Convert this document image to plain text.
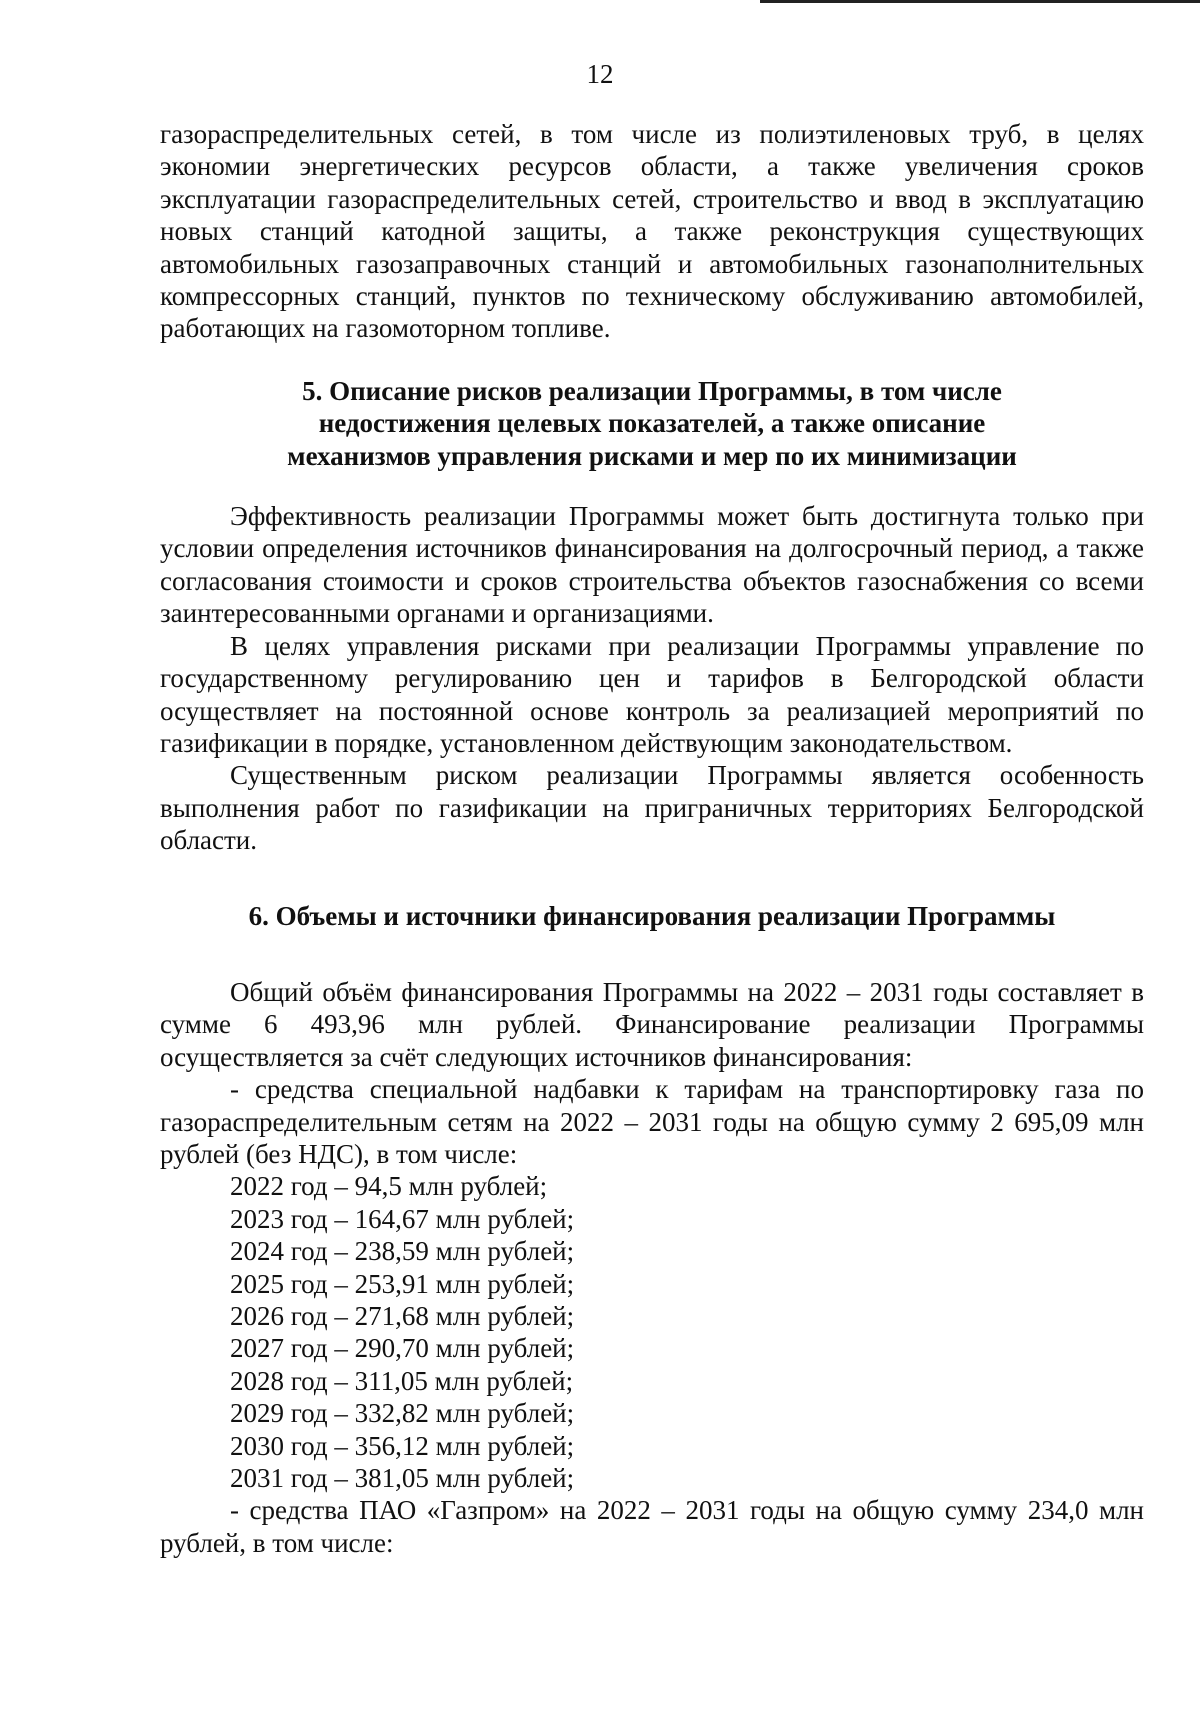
12

газораспределительных сетей, в том числе из полиэтиленовых труб, в целях экономии энергетических ресурсов области, а также увеличения сроков эксплуатации газораспределительных сетей, строительство и ввод в эксплуатацию новых станций катодной защиты, а также реконструкция существующих автомобильных газозаправочных станций и автомобильных газонаполнительных компрессорных станций, пунктов по техническому обслуживанию автомобилей, работающих на газомоторном топливе.

5. Описание рисков реализации Программы, в том числе
недостижения целевых показателей, а также описание
механизмов управления рисками и мер по их минимизации

Эффективность реализации Программы может быть достигнута только при условии определения источников финансирования на долгосрочный период, а также согласования стоимости и сроков строительства объектов газоснабжения со всеми заинтересованными органами и организациями.

В целях управления рисками при реализации Программы управление по государственному регулированию цен и тарифов в Белгородской области осуществляет на постоянной основе контроль за реализацией мероприятий по газификации в порядке, установленном действующим законодательством.

Существенным риском реализации Программы является особенность выполнения работ по газификации на приграничных территориях Белгородской области.

6. Объемы и источники финансирования реализации Программы

Общий объём финансирования Программы на 2022 – 2031 годы составляет в сумме 6 493,96 млн рублей. Финансирование реализации Программы осуществляется за счёт следующих источников финансирования:

- средства специальной надбавки к тарифам на транспортировку газа по газораспределительным сетям на 2022 – 2031 годы на общую сумму 2 695,09 млн рублей (без НДС), в том числе:

2022 год – 94,5 млн рублей;
2023 год – 164,67 млн рублей;
2024 год – 238,59 млн рублей;
2025 год – 253,91 млн рублей;
2026 год – 271,68 млн рублей;
2027 год – 290,70 млн рублей;
2028 год – 311,05 млн рублей;
2029 год – 332,82 млн рублей;
2030 год – 356,12 млн рублей;
2031 год – 381,05 млн рублей;

- средства ПАО «Газпром» на 2022 – 2031 годы на общую сумму 234,0 млн рублей, в том числе:
